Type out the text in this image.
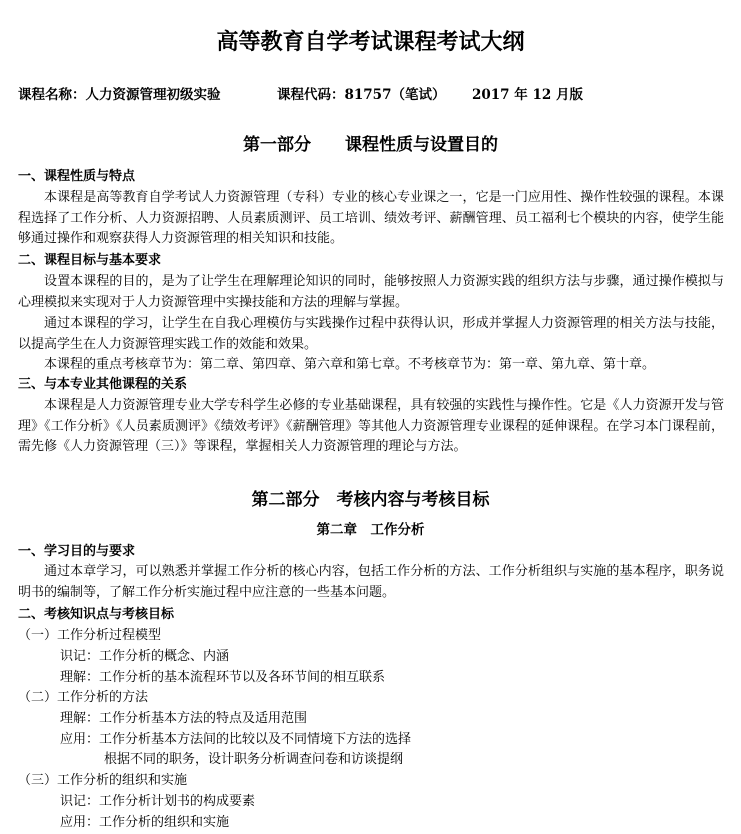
高等教育自学考试课程考试大纲
课程名称：人力资源管理初级实验	课程代码：81757（笔试） 2017 年 12 月版
第一部分　　课程性质与设置目的
一、课程性质与特点
本课程是高等教育自学考试人力资源管理（专科）专业的核心专业课之一，它是一门应用性、操作性较强的课程。本课程选择了工作分析、人力资源招聘、人员素质测评、员工培训、绩效考评、薪酬管理、员工福利七个模块的内容，使学生能够通过操作和观察获得人力资源管理的相关知识和技能。
二、课程目标与基本要求
设置本课程的目的，是为了让学生在理解理论知识的同时，能够按照人力资源实践的组织方法与步骤，通过操作模拟与心理模拟来实现对于人力资源管理中实操技能和方法的理解与掌握。
通过本课程的学习，让学生在自我心理模仿与实践操作过程中获得认识，形成并掌握人力资源管理的相关方法与技能，以提高学生在人力资源管理实践工作的效能和效果。
本课程的重点考核章节为：第二章、第四章、第六章和第七章。不考核章节为：第一章、第九章、第十章。
三、与本专业其他课程的关系
本课程是人力资源管理专业大学专科学生必修的专业基础课程，具有较强的实践性与操作性。它是《人力资源开发与管理》《工作分析》《人员素质测评》《绩效考评》《薪酬管理》等其他人力资源管理专业课程的延伸课程。在学习本门课程前，需先修《人力资源管理（三）》等课程，掌握相关人力资源管理的理论与方法。
第二部分　考核内容与考核目标
第二章　工作分析
一、学习目的与要求
通过本章学习，可以熟悉并掌握工作分析的核心内容，包括工作分析的方法、工作分析组织与实施的基本程序，职务说明书的编制等，了解工作分析实施过程中应注意的一些基本问题。
二、考核知识点与考核目标
（一）工作分析过程模型
识记：工作分析的概念、内涵
理解：工作分析的基本流程环节以及各环节间的相互联系
（二）工作分析的方法
理解：工作分析基本方法的特点及适用范围
应用：工作分析基本方法间的比较以及不同情境下方法的选择
根据不同的职务，设计职务分析调查问卷和访谈提纲
（三）工作分析的组织和实施
识记：工作分析计划书的构成要素
应用：工作分析的组织和实施
